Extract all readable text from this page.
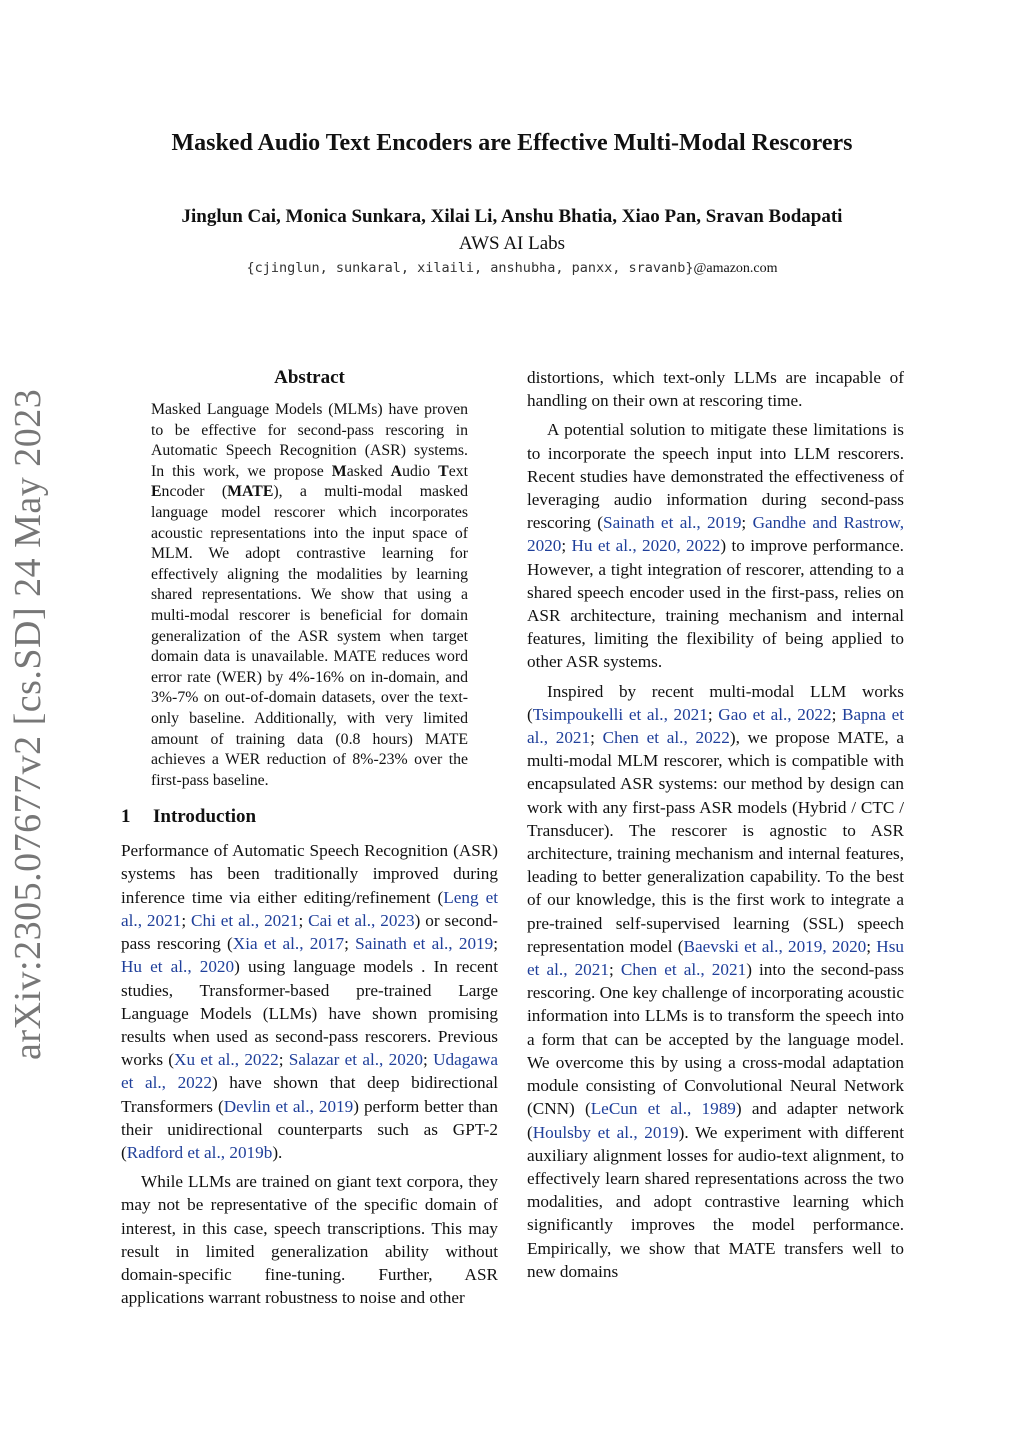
Masked Audio Text Encoders are Effective Multi-Modal Rescorers
Jinglun Cai, Monica Sunkara, Xilai Li, Anshu Bhatia, Xiao Pan, Sravan Bodapati
AWS AI Labs
{cjinglun, sunkaral, xilaili, anshubha, panxx, sravanb}@amazon.com
arXiv:2305.07677v2 [cs.SD] 24 May 2023
Abstract
Masked Language Models (MLMs) have proven to be effective for second-pass rescoring in Automatic Speech Recognition (ASR) systems. In this work, we propose Masked Audio Text Encoder (MATE), a multi-modal masked language model rescorer which incorporates acoustic representations into the input space of MLM. We adopt contrastive learning for effectively aligning the modalities by learning shared representations. We show that using a multi-modal rescorer is beneficial for domain generalization of the ASR system when target domain data is unavailable. MATE reduces word error rate (WER) by 4%-16% on in-domain, and 3%-7% on out-of-domain datasets, over the text-only baseline. Additionally, with very limited amount of training data (0.8 hours) MATE achieves a WER reduction of 8%-23% over the first-pass baseline.
1 Introduction

Performance of Automatic Speech Recognition (ASR) systems has been traditionally improved during inference time via either editing/refinement (Leng et al., 2021; Chi et al., 2021; Cai et al., 2023) or second-pass rescoring (Xia et al., 2017; Sainath et al., 2019; Hu et al., 2020) using language models . In recent studies, Transformer-based pre-trained Large Language Models (LLMs) have shown promising results when used as second-pass rescorers. Previous works (Xu et al., 2022; Salazar et al., 2020; Udagawa et al., 2022) have shown that deep bidirectional Transformers (Devlin et al., 2019) perform better than their unidirectional counterparts such as GPT-2 (Radford et al., 2019b).

While LLMs are trained on giant text corpora, they may not be representative of the specific domain of interest, in this case, speech transcriptions. This may result in limited generalization ability without domain-specific fine-tuning. Further, ASR applications warrant robustness to noise and other

distortions, which text-only LLMs are incapable of handling on their own at rescoring time.

A potential solution to mitigate these limitations is to incorporate the speech input into LLM rescorers. Recent studies have demonstrated the effectiveness of leveraging audio information during second-pass rescoring (Sainath et al., 2019; Gandhe and Rastrow, 2020; Hu et al., 2020, 2022) to improve performance. However, a tight integration of rescorer, attending to a shared speech encoder used in the first-pass, relies on ASR architecture, training mechanism and internal features, limiting the flexibility of being applied to other ASR systems.

Inspired by recent multi-modal LLM works (Tsimpoukelli et al., 2021; Gao et al., 2022; Bapna et al., 2021; Chen et al., 2022), we propose MATE, a multi-modal MLM rescorer, which is compatible with encapsulated ASR systems: our method by design can work with any first-pass ASR models (Hybrid / CTC / Transducer). The rescorer is agnostic to ASR architecture, training mechanism and internal features, leading to better generalization capability. To the best of our knowledge, this is the first work to integrate a pre-trained self-supervised learning (SSL) speech representation model (Baevski et al., 2019, 2020; Hsu et al., 2021; Chen et al., 2021) into the second-pass rescoring. One key challenge of incorporating acoustic information into LLMs is to transform the speech into a form that can be accepted by the language model. We overcome this by using a cross-modal adaptation module consisting of Convolutional Neural Network (CNN) (LeCun et al., 1989) and adapter network (Houlsby et al., 2019). We experiment with different auxiliary alignment losses for audio-text alignment, to effectively learn shared representations across the two modalities, and adopt contrastive learning which significantly improves the model performance. Empirically, we show that MATE transfers well to new domains
